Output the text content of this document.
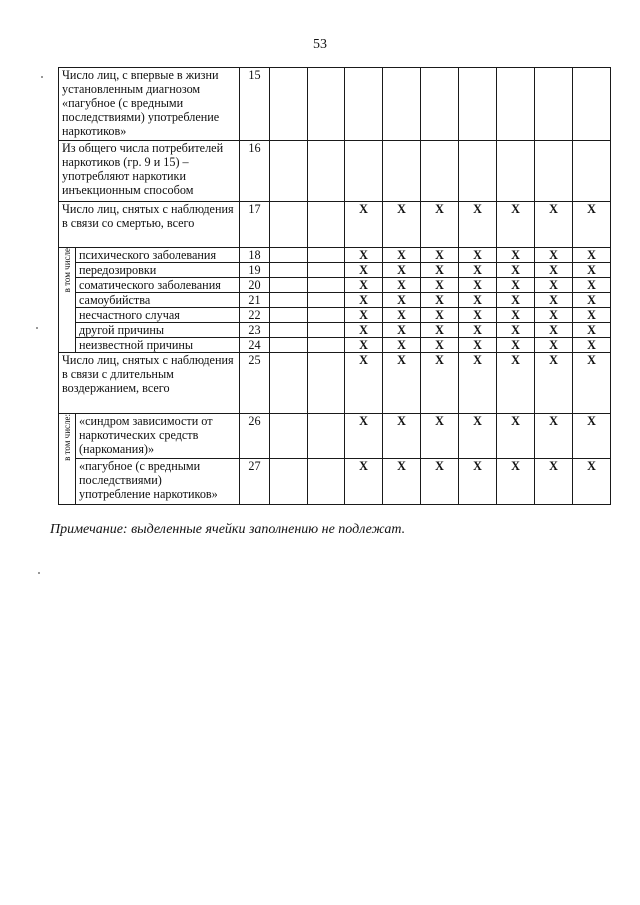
53
Число лиц, с впервые в жизни установленным диагнозом «пагубное (с вредными последствиями) употребление наркотиков»		15									
Из общего числа потребителей наркотиков (гр. 9 и 15) – употребляют наркотики инъекционным способом		16									
Число лиц, снятых с наблюдения в связи со смертью, всего		17			X	X	X	X	X	X	X

в том числе	психического заболевания	18			X	X	X	X	X	X	X
	передозировки	19			X	X	X	X	X	X	X
	соматического заболевания	20			X	X	X	X	X	X	X
	самоубийства	21			X	X	X	X	X	X	X
	несчастного случая	22			X	X	X	X	X	X	X
	другой причины	23			X	X	X	X	X	X	X
	неизвестной причины	24			X	X	X	X	X	X	X
Число лиц, снятых с наблюдения в связи с длительным воздержанием, всего		25			X	X	X	X	X	X	X

в том числе:	«синдром зависимости от наркотических средств (наркомания)»	26			X	X	X	X	X	X	X
	«пагубное (с вредными последствиями) употребление наркотиков»	27			X	X	X	X	X	X	X
Примечание: выделенные ячейки заполнению не подлежат.
